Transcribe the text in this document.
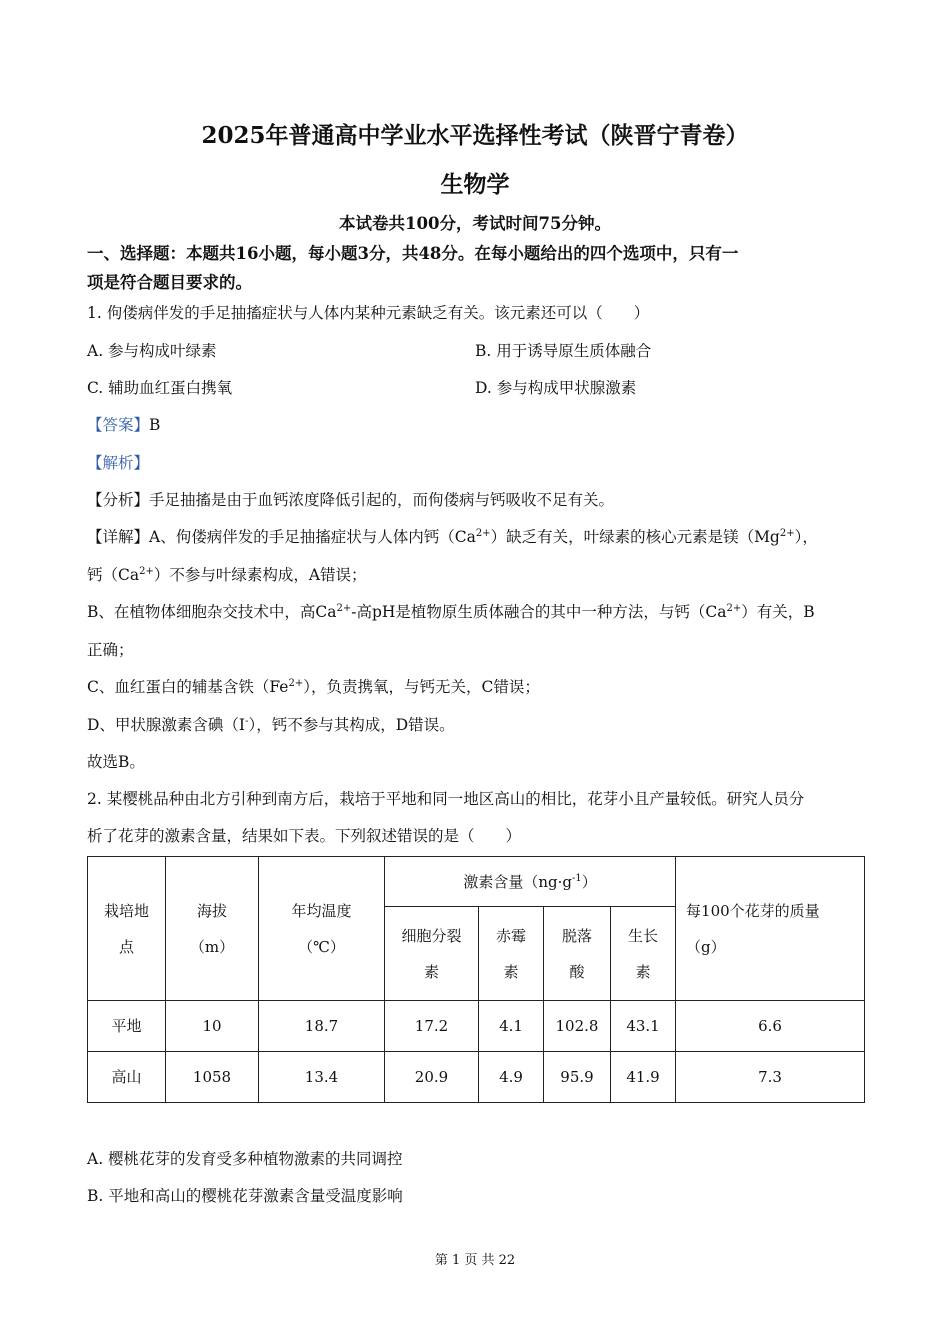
2025年普通高中学业水平选择性考试（陕晋宁青卷）
生物学
本试卷共100分，考试时间75分钟。
一、选择题：本题共16小题，每小题3分，共48分。在每小题给出的四个选项中，只有一
项是符合题目要求的。
1. 佝偻病伴发的手足抽搐症状与人体内某种元素缺乏有关。该元素还可以（　　）
A. 参与构成叶绿素	B. 用于诱导原生质体融合
C. 辅助血红蛋白携氧	D. 参与构成甲状腺激素
【答案】B
【解析】
【分析】手足抽搐是由于血钙浓度降低引起的，而佝偻病与钙吸收不足有关。
【详解】A、佝偻病伴发的手足抽搐症状与人体内钙$(Ca^{2+})$缺乏有关，叶绿素的核心元素是镁$(Mg^{2+})$，
钙$(Ca^{2+})$不参与叶绿素构成，A错误；
B、在植物体细胞杂交技术中，高$Ca^{2+}-$高pH是植物原生质体融合的其中一种方法，与钙$(Ca^{2+})$有关，B
正确；
C、血红蛋白的辅基含铁$(Fe^{2+})$，负责携氧，与钙无关，C错误；
D、甲状腺激素含碘（I-），钙不参与其构成，D错误。
故选B。
2. 某樱桃品种由北方引种到南方后，栽培于平地和同一地区高山的相比，花芽小且产量较低。研究人员分
析了花芽的激素含量，结果如下表。下列叙述错误的是（　　）
栽培地
点	海拔
（m）	年均温度
（℃）	激素含量$(ng\cdot g^{-1})$				每100个花芽的质量
（g）
			细胞分裂
素	赤霉
素	脱落
酸	生长
素	
平地	10	18.7	17.2	4.1	102.8	43.1	6.6
高山	1058	13.4	20.9	4.9	95.9	41.9	7.3
A. 樱桃花芽的发育受多种植物激素的共同调控
B. 平地和高山的樱桃花芽激素含量受温度影响
第 1 页 共 22
